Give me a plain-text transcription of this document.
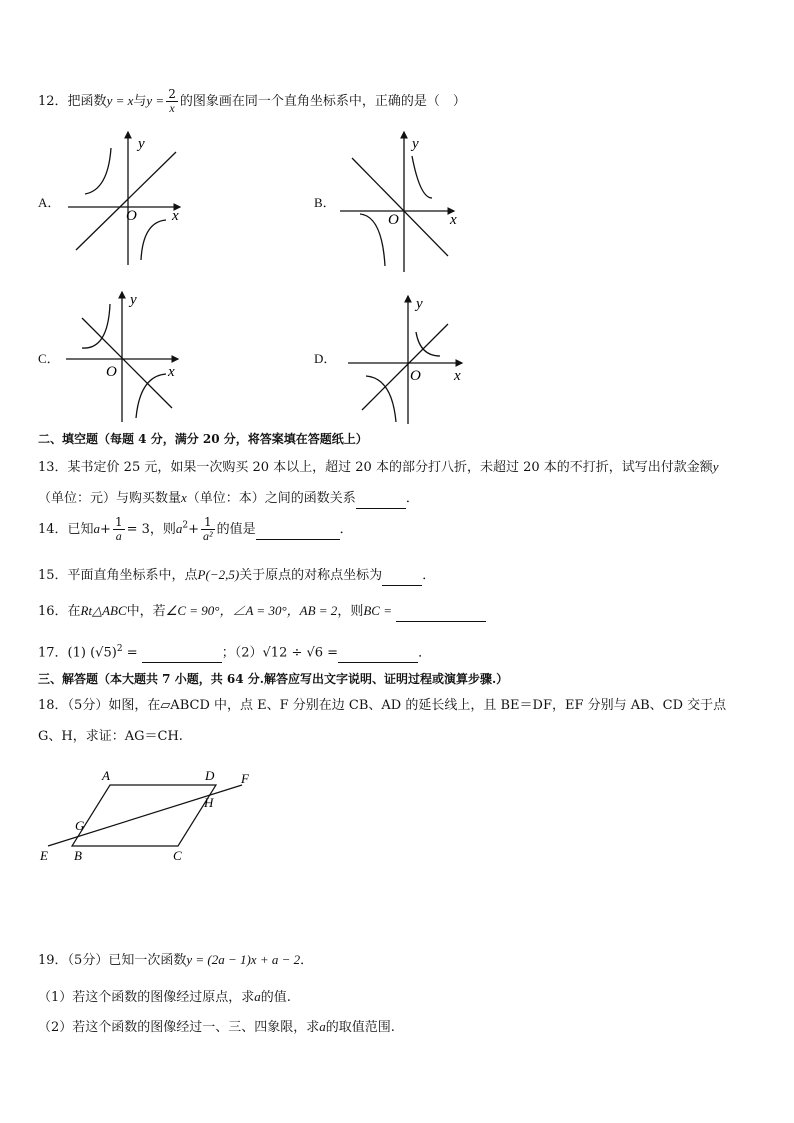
12．把函数y = x与$y = \frac{2}{x}$ 的图象画在同一个直角坐标系中，正确的是（　）
A．	B．
C．	D．
y
x
O
y
x
O
y
x
O
y
x
O
二、填空题（每题 4 分，满分 20 分，将答案填在答题纸上）
13．某书定价 25 元，如果一次购买 20 本以上，超过 20 本的部分打八折，未超过 20 本的不打折，试写出付款金额y
（单位：元）与购买数量x（单位：本）之间的函数关系	．
14．已知$a+ \frac{1}{a} = 3$，则$a^2+ \frac{1}{\text{a²}}$ 的值是	．
15．平面直角坐标系中，点P(−2,5)关于原点的对称点坐标为	．
16．在Rt△ABC中，若∠C = 90°，∠A = 30°，AB = 2，则BC =
17．(1) $(√5)^2$ =	；（2）√12 ÷ √6 =	．
三、解答题（本大题共 7 小题，共 64 分.解答应写出文字说明、证明过程或演算步骤.）
18．（5分）如图，在▱ABCD 中，点 E、F 分别在边 CB、AD 的延长线上，且 BE＝DF，EF 分别与 AB、CD 交于点
G、H，求证：AG＝CH.
A	D F
H
G
E B	C
19．（5分）已知一次函数y = (2a − 1)x + a − 2．
（1）若这个函数的图像经过原点，求a的值.
（2）若这个函数的图像经过一、三、四象限，求a的取值范围.
